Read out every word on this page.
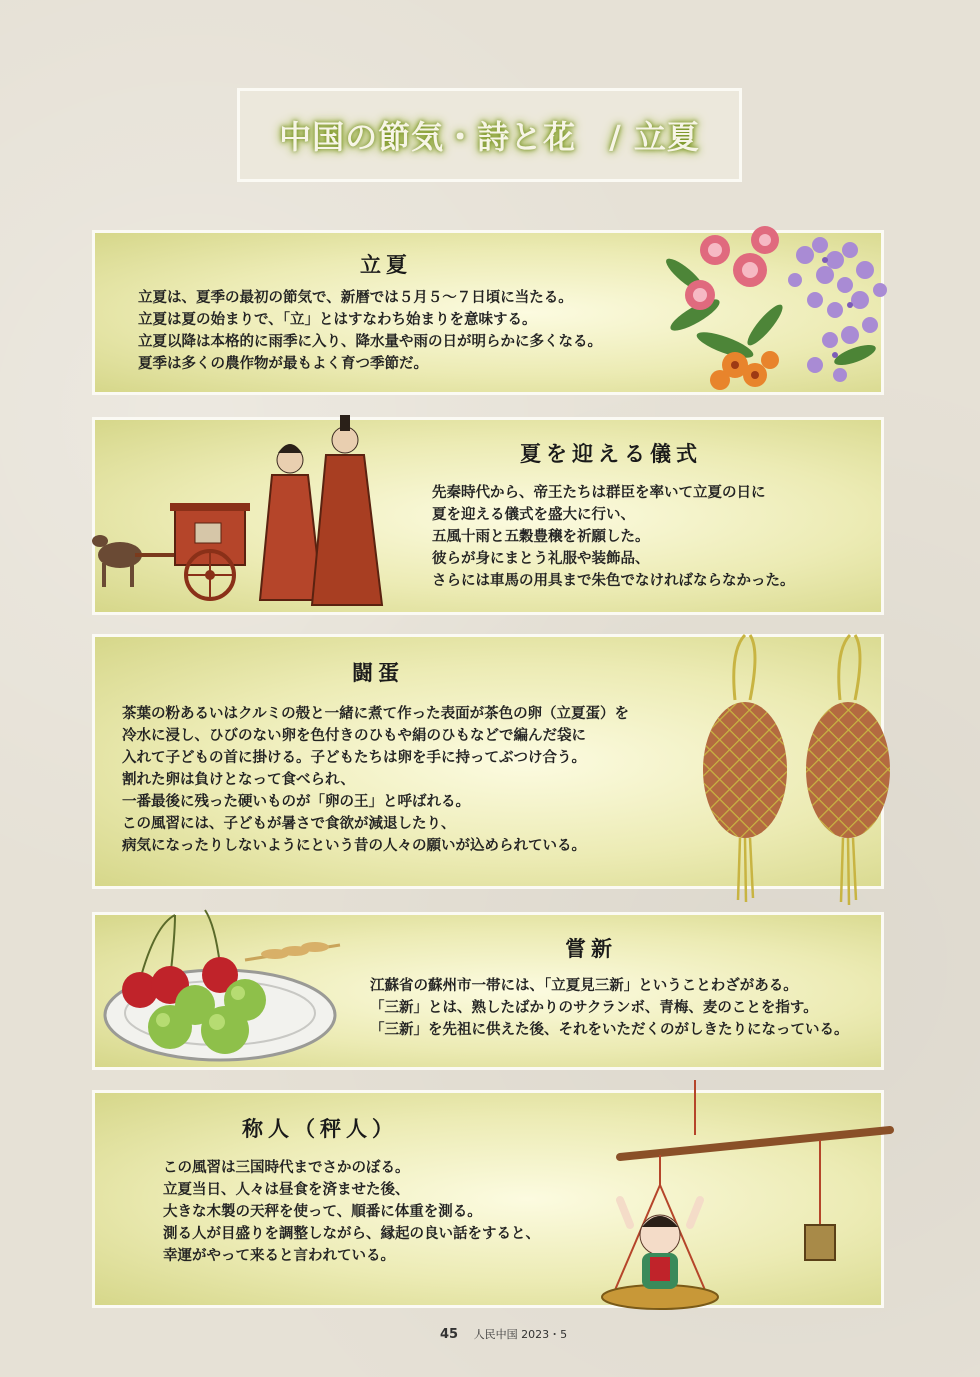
中国の節気・詩と花　/ 立夏
立夏
立夏は、夏季の最初の節気で、新暦では５月５〜７日頃に当たる。
立夏は夏の始まりで、「立」とはすなわち始まりを意味する。
立夏以降は本格的に雨季に入り、降水量や雨の日が明らかに多くなる。
夏季は多くの農作物が最もよく育つ季節だ。
夏を迎える儀式
先秦時代から、帝王たちは群臣を率いて立夏の日に
夏を迎える儀式を盛大に行い、
五風十雨と五穀豊穣を祈願した。
彼らが身にまとう礼服や装飾品、
さらには車馬の用具まで朱色でなければならなかった。
闘蛋
茶葉の粉あるいはクルミの殻と一緒に煮て作った表面が茶色の卵（立夏蛋）を
冷水に浸し、ひびのない卵を色付きのひもや絹のひもなどで編んだ袋に
入れて子どもの首に掛ける。子どもたちは卵を手に持ってぶつけ合う。
割れた卵は負けとなって食べられ、
一番最後に残った硬いものが「卵の王」と呼ばれる。
この風習には、子どもが暑さで食欲が減退したり、
病気になったりしないようにという昔の人々の願いが込められている。
嘗新
江蘇省の蘇州市一帯には、「立夏見三新」ということわざがある。
「三新」とは、熟したばかりのサクランボ、青梅、麦のことを指す。
「三新」を先祖に供えた後、それをいただくのがしきたりになっている。
称人（秤人）
この風習は三国時代までさかのぼる。
立夏当日、人々は昼食を済ませた後、
大きな木製の天秤を使って、順番に体重を測る。
測る人が目盛りを調整しながら、縁起の良い話をすると、
幸運がやって来ると言われている。
45 人民中国 2023・5
